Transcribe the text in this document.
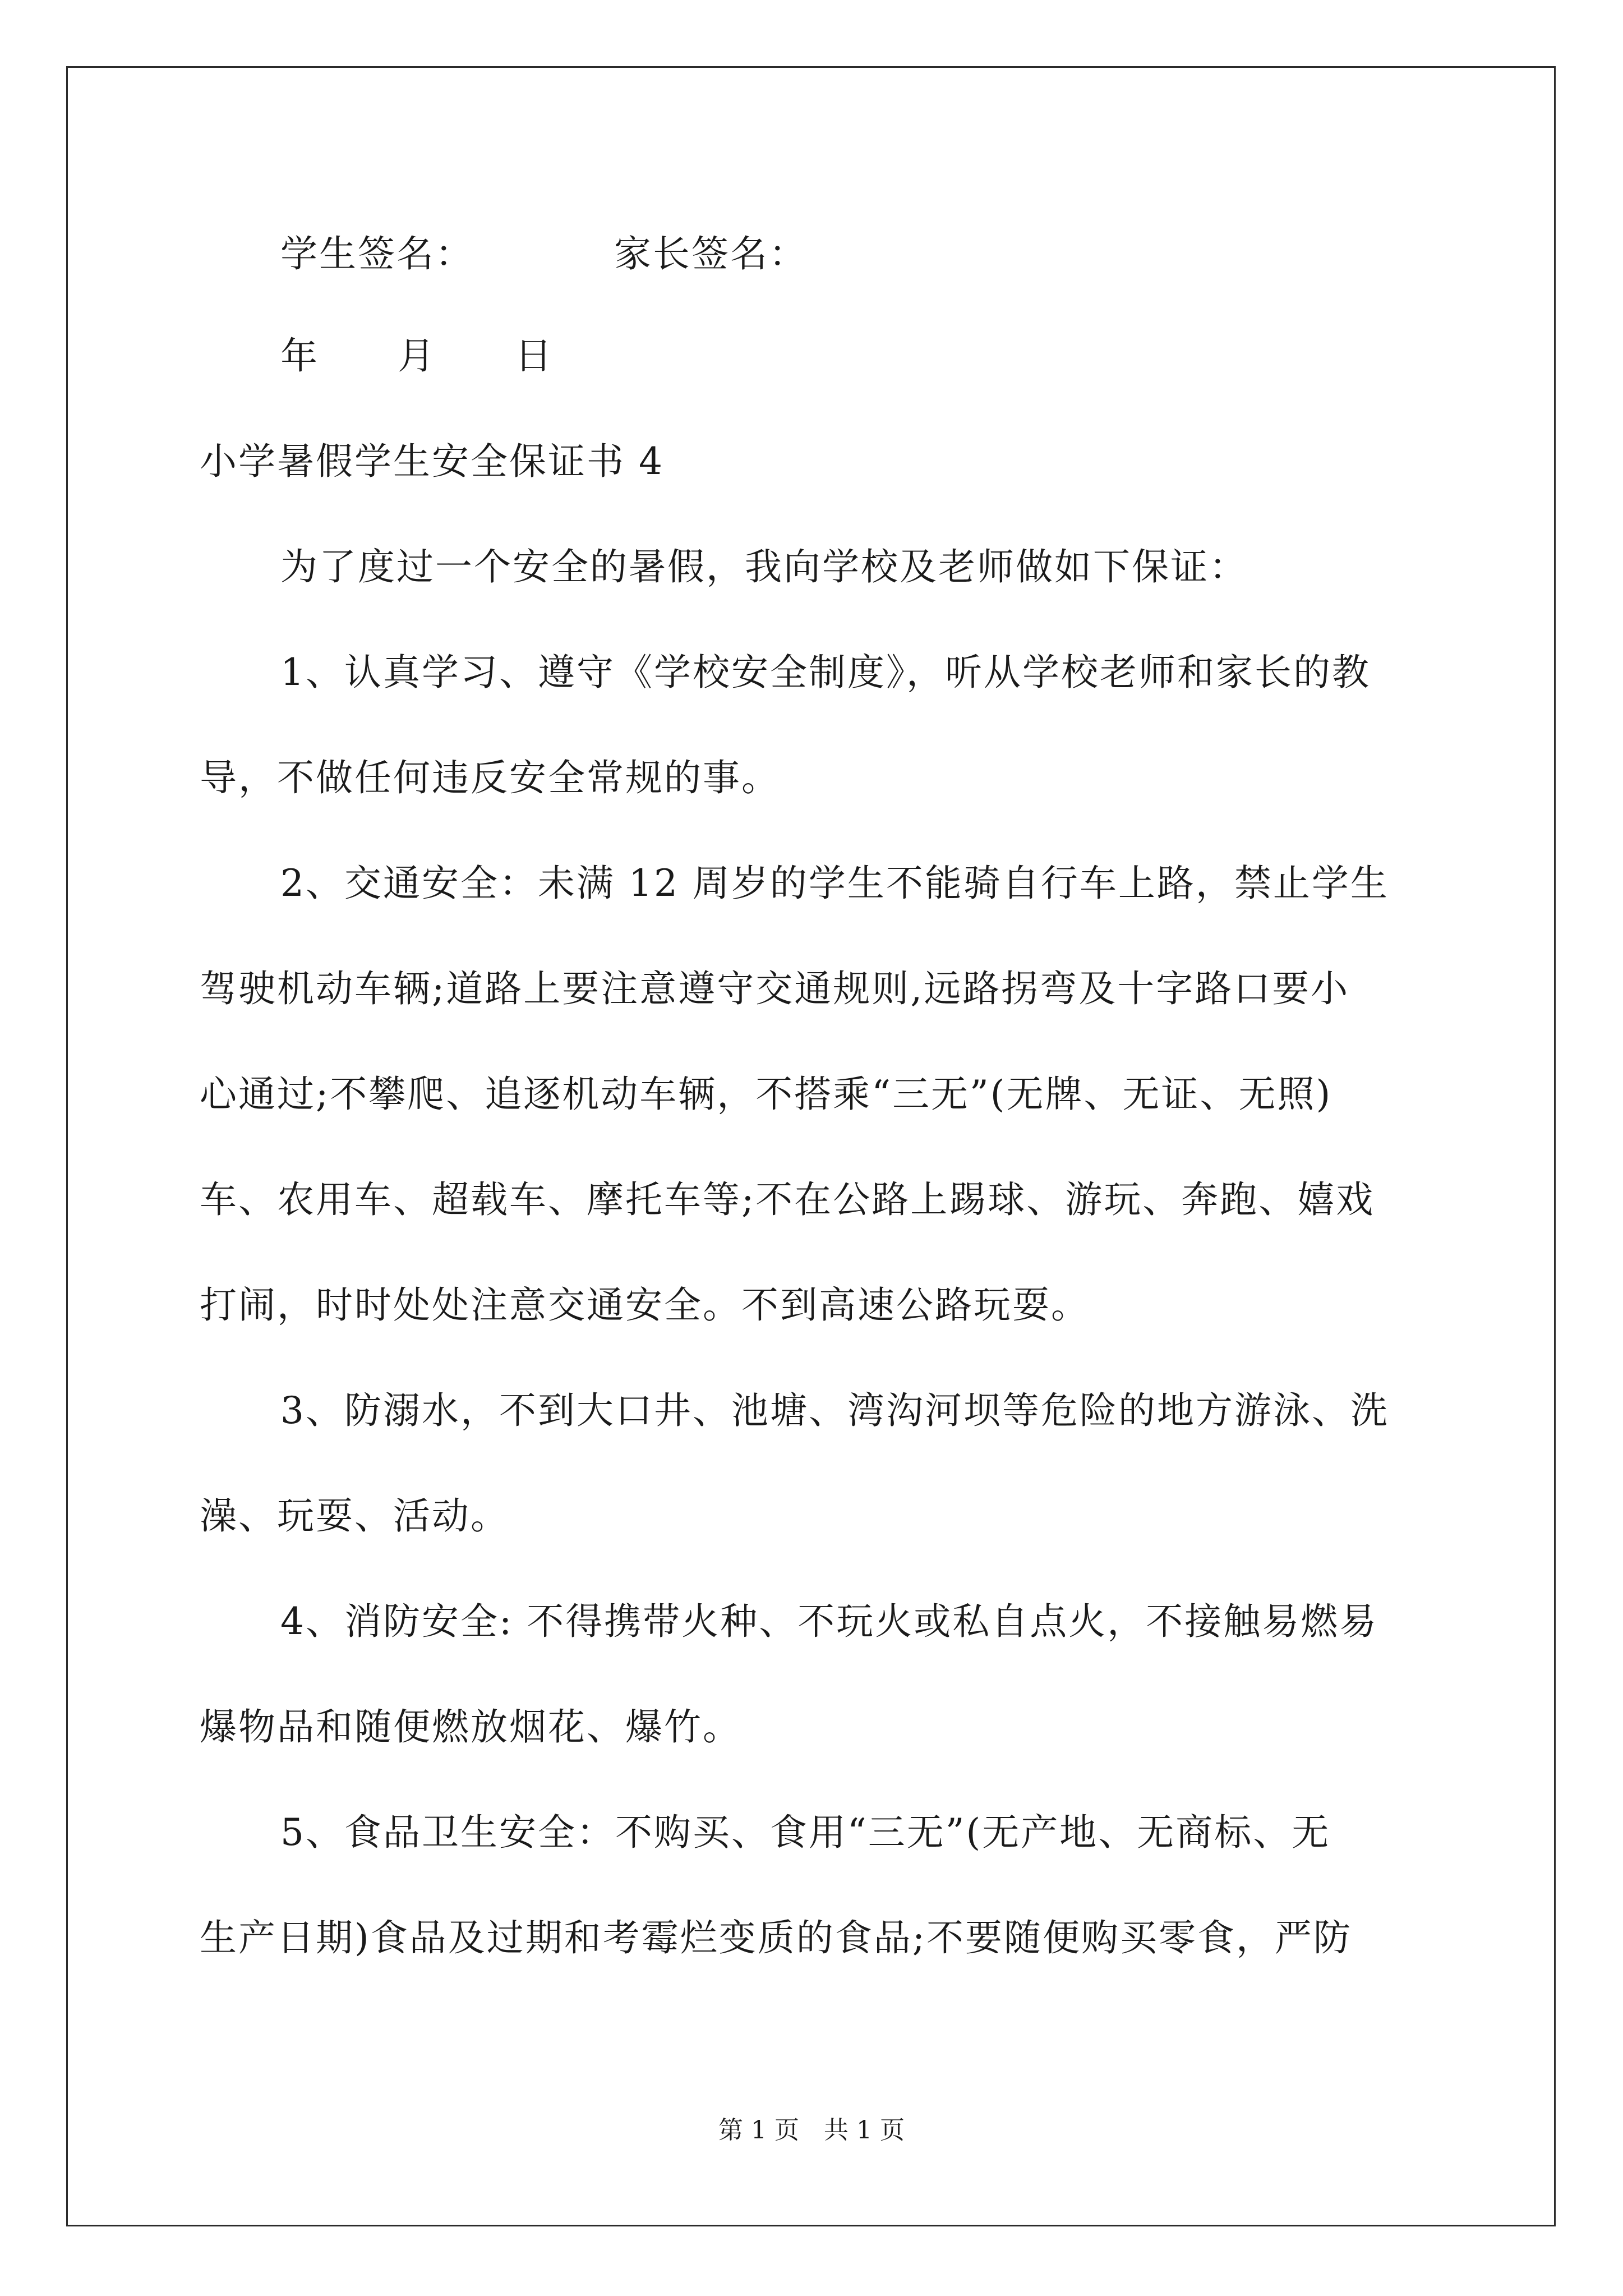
学生签名：	家长签名：
年 月 日
小学暑假学生安全保证书 4
为了度过一个安全的暑假，我向学校及老师做如下保证：
1、认真学习、遵守《学校安全制度》，听从学校老师和家长的教
导，不做任何违反安全常规的事。
2、交通安全：未满 12 周岁的学生不能骑自行车上路，禁止学生
驾驶机动车辆;道路上要注意遵守交通规则,远路拐弯及十字路口要小
心通过;不攀爬、追逐机动车辆，不搭乘“三无”(无牌、无证、无照)
车、农用车、超载车、摩托车等;不在公路上踢球、游玩、奔跑、嬉戏
打闹，时时处处注意交通安全。不到高速公路玩耍。
3、防溺水，不到大口井、池塘、湾沟河坝等危险的地方游泳、洗
澡、玩耍、活动。
4、消防安全: 不得携带火种、不玩火或私自点火，不接触易燃易
爆物品和随便燃放烟花、爆竹。
5、食品卫生安全：不购买、食用“三无”(无产地、无商标、无
生产日期)食品及过期和考霉烂变质的食品;不要随便购买零食，严防
第 1 页　共 1 页
